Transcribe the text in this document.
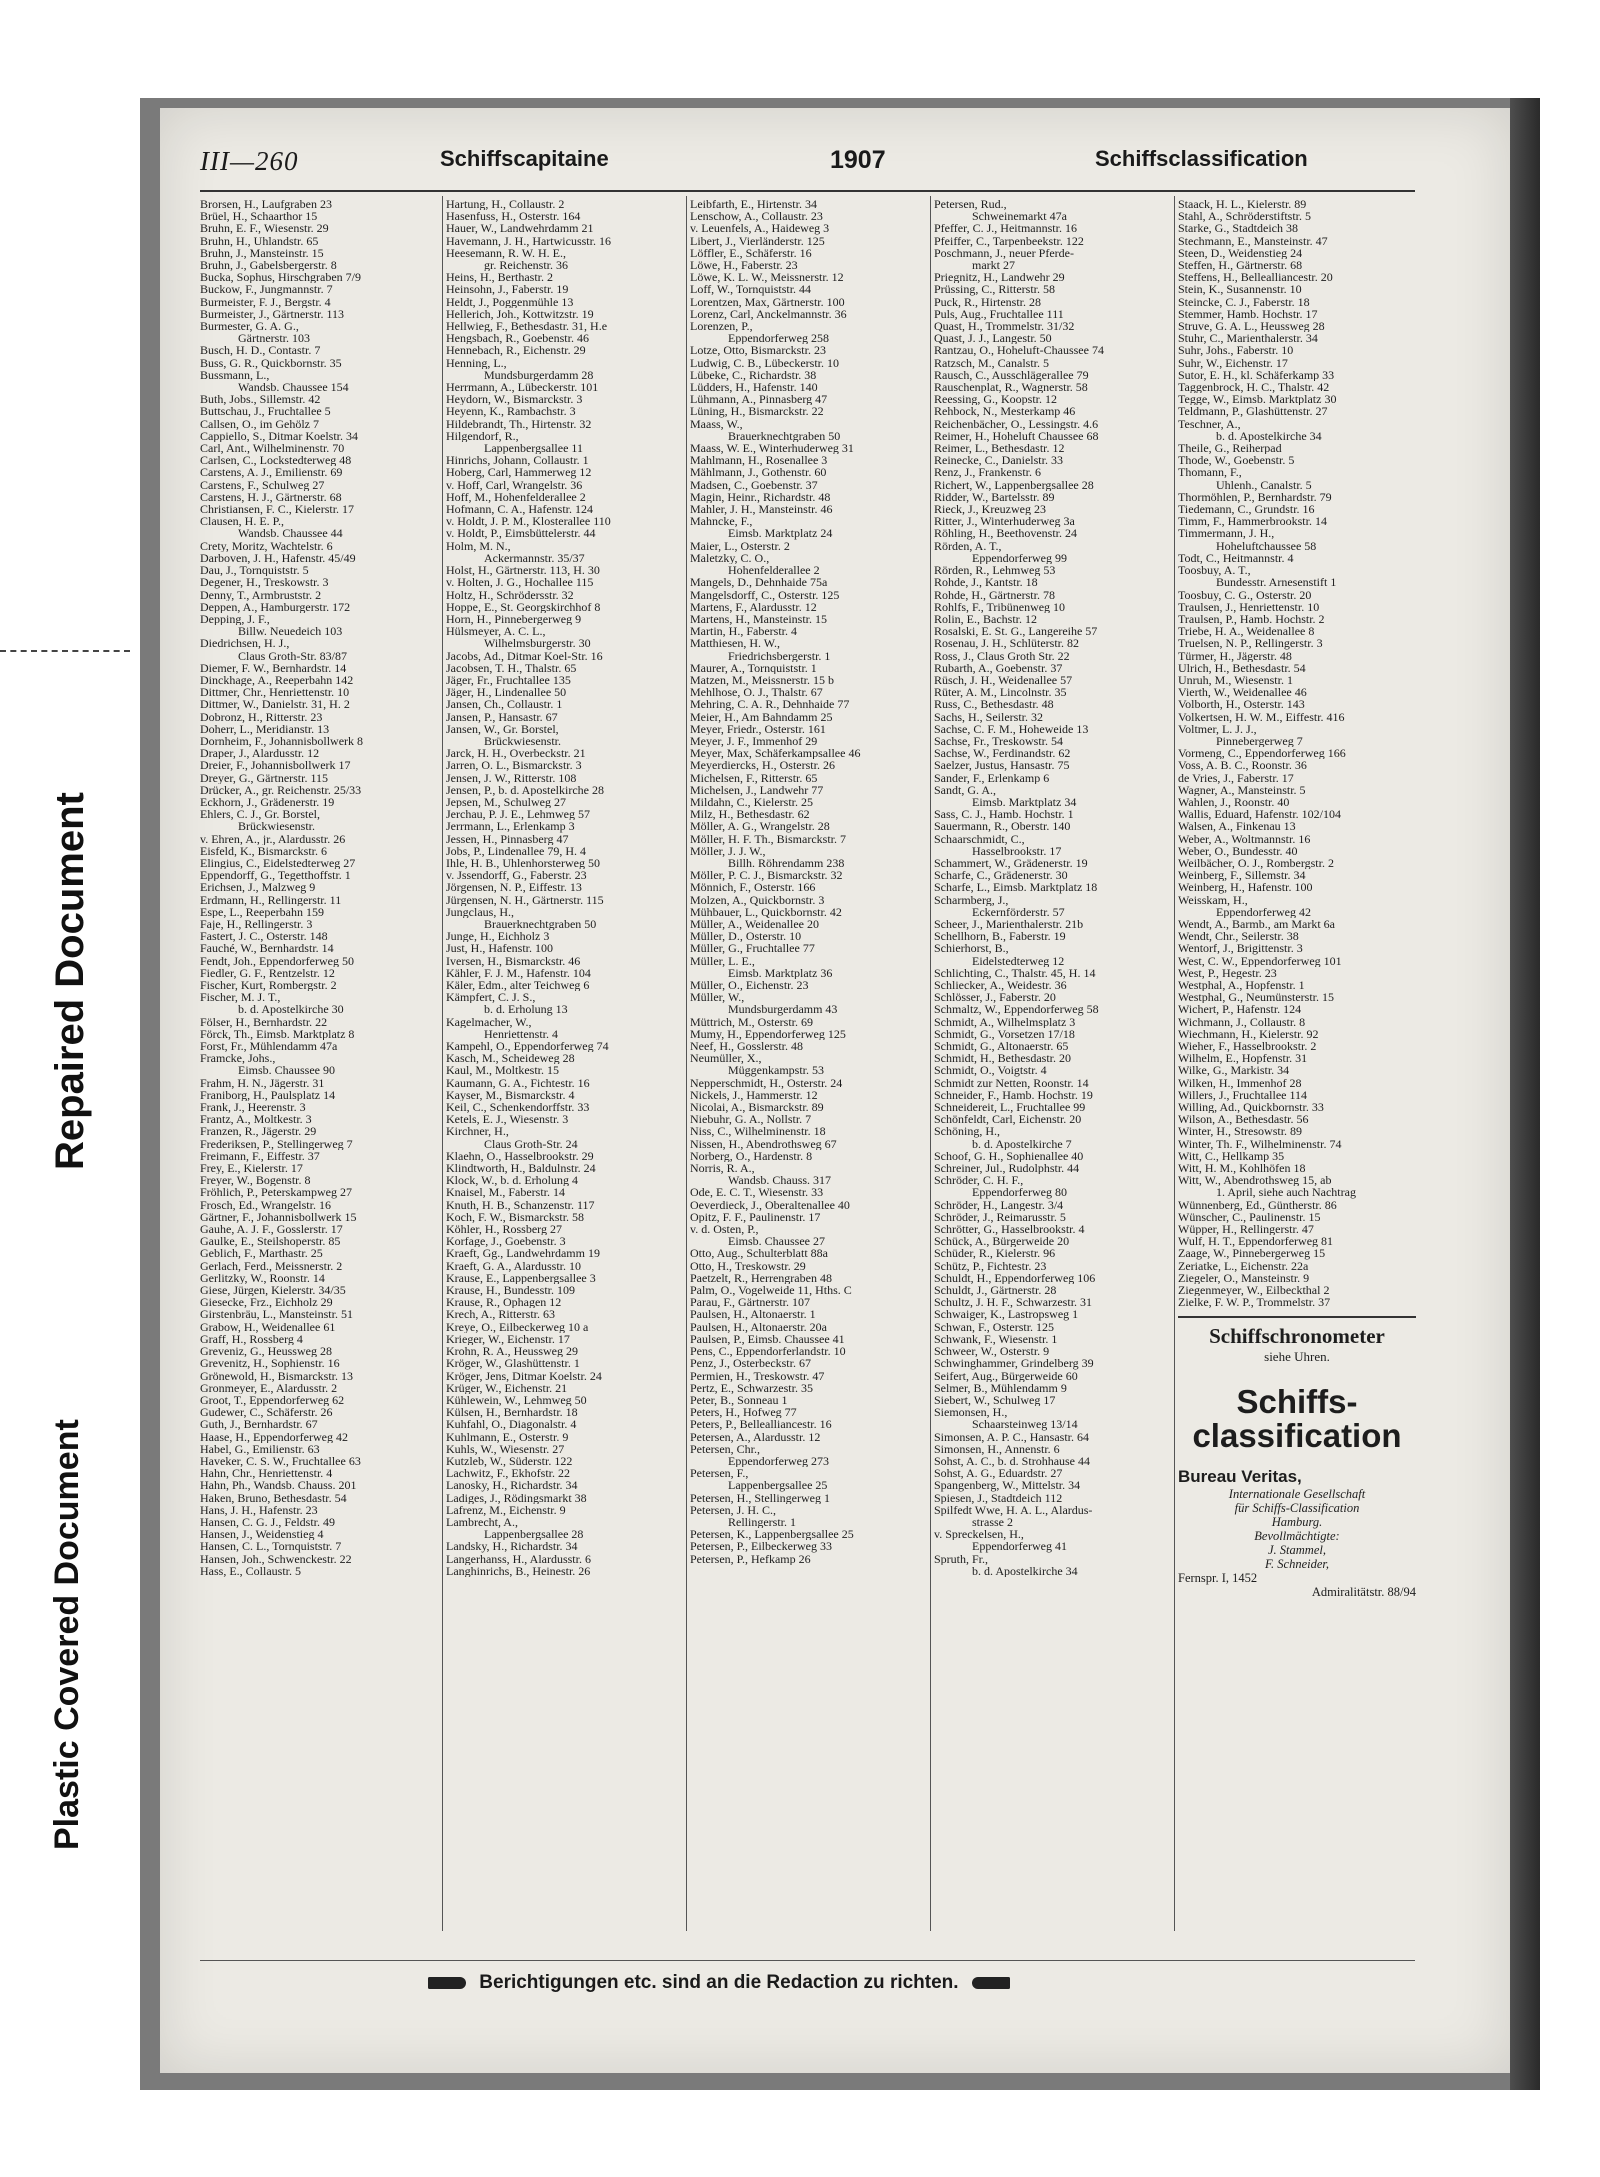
Repaired Document
Plastic Covered Document
III—260	Schiffscapitaine	1907	Schiffsclassification
Brorsen, H., Laufgraben 23
Brüel, H., Schaarthor 15
Bruhn, E. F., Wiesenstr. 29
Bruhn, H., Uhlandstr. 65
Bruhn, J., Mansteinstr. 15
Bruhn, J., Gabelsbergerstr. 8
Bucka, Sophus, Hirschgraben 7/9
Buckow, F., Jungmannstr. 7
Burmeister, F. J., Bergstr. 4
Burmeister, J., Gärtnerstr. 113
Burmester, G. A. G.,
Gärtnerstr. 103
Busch, H. D., Contastr. 7
Buss, G. R., Quickbornstr. 35
Bussmann, L.,
Wandsb. Chaussee 154
Buth, Jobs., Sillemstr. 42
Buttschau, J., Fruchtallee 5
Callsen, O., im Gehölz 7
Cappiello, S., Ditmar Koelstr. 34
Carl, Ant., Wilhelminenstr. 70
Carlsen, C., Lockstedterweg 48
Carstens, A. J., Emilienstr. 69
Carstens, F., Schulweg 27
Carstens, H. J., Gärtnerstr. 68
Christiansen, F. C., Kielerstr. 17
Clausen, H. E. P.,
Wandsb. Chaussee 44
Crety, Moritz, Wachtelstr. 6
Darboven, J. H., Hafenstr. 45/49
Dau, J., Tornquiststr. 5
Degener, H., Treskowstr. 3
Denny, T., Armbruststr. 2
Deppen, A., Hamburgerstr. 172
Depping, J. F.,
Billw. Neuedeich 103
Diedrichsen, H. J.,
Claus Groth-Str. 83/87
Diemer, F. W., Bernhardstr. 14
Dinckhage, A., Reeperbahn 142
Dittmer, Chr., Henriettenstr. 10
Dittmer, W., Danielstr. 31, H. 2
Dobronz, H., Ritterstr. 23
Doherr, L., Meridianstr. 13
Dornheim, F., Johannisbollwerk 8
Draper, J., Alardusstr. 12
Dreier, F., Johannisbollwerk 17
Dreyer, G., Gärtnerstr. 115
Drücker, A., gr. Reichenstr. 25/33
Eckhorn, J., Grädenerstr. 19
Ehlers, C. J., Gr. Borstel,
Brückwiesenstr.
v. Ehren, A., jr., Alardusstr. 26
Eisfeld, K., Bismarckstr. 6
Elingius, C., Eidelstedterweg 27
Eppendorff, G., Tegetthoffstr. 1
Erichsen, J., Malzweg 9
Erdmann, H., Rellingerstr. 11
Espe, L., Reeperbahn 159
Faje, H., Rellingerstr. 3
Fastert, J. C., Osterstr. 148
Fauché, W., Bernhardstr. 14
Fendt, Joh., Eppendorferweg 50
Fiedler, G. F., Rentzelstr. 12
Fischer, Kurt, Rombergstr. 2
Fischer, M. J. T.,
b. d. Apostelkirche 30
Fölser, H., Bernhardstr. 22
Förck, Th., Eimsb. Marktplatz 8
Forst, Fr., Mühlendamm 47a
Framcke, Johs.,
Eimsb. Chaussee 90
Frahm, H. N., Jägerstr. 31
Franiborg, H., Paulsplatz 14
Frank, J., Heerenstr. 3
Frantz, A., Moltkestr. 3
Franzen, R., Jägerstr. 29
Frederiksen, P., Stellingerweg 7
Freimann, F., Eiffestr. 37
Frey, E., Kielerstr. 17
Freyer, W., Bogenstr. 8
Fröhlich, P., Peterskampweg 27
Frosch, Ed., Wrangelstr. 16
Gärtner, F., Johannisbollwerk 15
Gauhe, A. J. F., Gosslerstr. 17
Gaulke, E., Steilshoperstr. 85
Geblich, F., Marthastr. 25
Gerlach, Ferd., Meissnerstr. 2
Gerlitzky, W., Roonstr. 14
Giese, Jürgen, Kielerstr. 34/35
Giesecke, Frz., Eichholz 29
Girstenbräu, L., Mansteinstr. 51
Grabow, H., Weidenallee 61
Graff, H., Rossberg 4
Greveniz, G., Heussweg 28
Grevenitz, H., Sophienstr. 16
Grönewold, H., Bismarckstr. 13
Gronmeyer, E., Alardusstr. 2
Groot, T., Eppendorferweg 62
Gudewer, C., Schäferstr. 26
Guth, J., Bernhardstr. 67
Haase, H., Eppendorferweg 42
Habel, G., Emilienstr. 63
Haveker, C. S. W., Fruchtallee 63
Hahn, Chr., Henriettenstr. 4
Hahn, Ph., Wandsb. Chauss. 201
Haken, Bruno, Bethesdastr. 54
Hans, J. H., Hafenstr. 23
Hansen, C. G. J., Feldstr. 49
Hansen, J., Weidenstieg 4
Hansen, C. L., Tornquiststr. 7
Hansen, Joh., Schwenckestr. 22
Hass, E., Collaustr. 5
Hartung, H., Collaustr. 2
Hasenfuss, H., Osterstr. 164
Hauer, W., Landwehrdamm 21
Havemann, J. H., Hartwicusstr. 16
Heesemann, R. W. H. E.,
gr. Reichenstr. 36
Heins, H., Berthastr. 2
Heinsohn, J., Faberstr. 19
Heldt, J., Poggenmühle 13
Hellerich, Joh., Kottwitzstr. 19
Hellwieg, F., Bethesdastr. 31, H.e
Hengsbach, R., Goebenstr. 46
Hennebach, R., Eichenstr. 29
Henning, L.,
Mundsburgerdamm 28
Herrmann, A., Lübeckerstr. 101
Heydorn, W., Bismarckstr. 3
Heyenn, K., Rambachstr. 3
Hildebrandt, Th., Hirtenstr. 32
Hilgendorf, R.,
Lappenbergsallee 11
Hinrichs, Johann, Collaustr. 1
Hoberg, Carl, Hammerweg 12
v. Hoff, Carl, Wrangelstr. 36
Hoff, M., Hohenfelderallee 2
Hofmann, C. A., Hafenstr. 124
v. Holdt, J. P. M., Klosterallee 110
v. Holdt, P., Eimsbüttelerstr. 44
Holm, M. N.,
Ackermannstr. 35/37
Holst, H., Gärtnerstr. 113, H. 30
v. Holten, J. G., Hochallee 115
Holtz, H., Schrödersstr. 32
Hoppe, E., St. Georgskirchhof 8
Horn, H., Pinnebergerweg 9
Hülsmeyer, A. C. L.,
Wilhelmsburgerstr. 30
Jacobs, Ad., Ditmar Koel-Str. 16
Jacobsen, T. H., Thalstr. 65
Jäger, Fr., Fruchtallee 135
Jäger, H., Lindenallee 50
Jansen, Ch., Collaustr. 1
Jansen, P., Hansastr. 67
Jansen, W., Gr. Borstel,
Brückwiesenstr.
Jarck, H. H., Overbeckstr. 21
Jarren, O. L., Bismarckstr. 3
Jensen, J. W., Ritterstr. 108
Jensen, P., b. d. Apostelkirche 28
Jepsen, M., Schulweg 27
Jerchau, P. J. E., Lehmweg 57
Jerrmann, L., Erlenkamp 3
Jessen, H., Pinnasberg 47
Jobs, P., Lindenallee 79, H. 4
Ihle, H. B., Uhlenhorsterweg 50
v. Jssendorff, G., Faberstr. 23
Jörgensen, N. P., Eiffestr. 13
Jürgensen, N. H., Gärtnerstr. 115
Jungclaus, H.,
Brauerknechtgraben 50
Junge, H., Eichholz 3
Just, H., Hafenstr. 100
Iversen, H., Bismarckstr. 46
Kähler, F. J. M., Hafenstr. 104
Käler, Edm., alter Teichweg 6
Kämpfert, C. J. S.,
b. d. Erholung 13
Kagelmacher, W.,
Henriettenstr. 4
Kampehl, O., Eppendorferweg 74
Kasch, M., Scheideweg 28
Kaul, M., Moltkestr. 15
Kaumann, G. A., Fichtestr. 16
Kayser, M., Bismarckstr. 4
Keil, C., Schenkendorffstr. 33
Ketels, E. J., Wiesenstr. 3
Kirchner, H.,
Claus Groth-Str. 24
Klaehn, O., Hasselbrookstr. 29
Klindtworth, H., Baldulnstr. 24
Klock, W., b. d. Erholung 4
Knaisel, M., Faberstr. 14
Knuth, H. B., Schanzenstr. 117
Koch, F. W., Bismarckstr. 58
Köhler, H., Rossberg 27
Korfage, J., Goebenstr. 3
Kraeft, Gg., Landwehrdamm 19
Kraeft, G. A., Alardusstr. 10
Krause, E., Lappenbergsallee 3
Krause, H., Bundesstr. 109
Krause, R., Ophagen 12
Krech, A., Ritterstr. 63
Kreye, O., Eilbeckerweg 10 a
Krieger, W., Eichenstr. 17
Krohn, R. A., Heussweg 29
Kröger, W., Glashüttenstr. 1
Kröger, Jens, Ditmar Koelstr. 24
Krüger, W., Eichenstr. 21
Kühlewein, W., Lehmweg 50
Külsen, H., Bernhardstr. 18
Kuhfahl, O., Diagonalstr. 4
Kuhlmann, E., Osterstr. 9
Kuhls, W., Wiesenstr. 27
Kutzleb, W., Süderstr. 122
Lachwitz, F., Ekhofstr. 22
Lanosky, H., Richardstr. 34
Ladiges, J., Rödingsmarkt 38
Lafrenz, M., Eichenstr. 9
Lambrecht, A.,
Lappenbergsallee 28
Landsky, H., Richardstr. 34
Langerhanss, H., Alardusstr. 6
Langhinrichs, B., Heinestr. 26
Leibfarth, E., Hirtenstr. 34
Lenschow, A., Collaustr. 23
v. Leuenfels, A., Haideweg 3
Libert, J., Vierländerstr. 125
Löffler, E., Schäferstr. 16
Löwe, H., Faberstr. 23
Löwe, K. L. W., Meissnerstr. 12
Loff, W., Tornquiststr. 44
Lorentzen, Max, Gärtnerstr. 100
Lorenz, Carl, Anckelmannstr. 36
Lorenzen, P.,
Eppendorferweg 258
Lotze, Otto, Bismarckstr. 23
Ludwig, C. B., Lübeckerstr. 10
Lübeke, C., Richardstr. 38
Lüdders, H., Hafenstr. 140
Lühmann, A., Pinnasberg 47
Lüning, H., Bismarckstr. 22
Maass, W.,
Brauerknechtgraben 50
Maass, W. E., Winterhuderweg 31
Mahlmann, H., Rosenallee 3
Mählmann, J., Gothenstr. 60
Madsen, C., Goebenstr. 37
Magin, Heinr., Richardstr. 48
Mahler, J. H., Mansteinstr. 46
Mahncke, F.,
Eimsb. Marktplatz 24
Maier, L., Osterstr. 2
Maletzky, C. O.,
Hohenfelderallee 2
Mangels, D., Dehnhaide 75a
Mangelsdorff, C., Osterstr. 125
Martens, F., Alardusstr. 12
Martens, H., Mansteinstr. 15
Martin, H., Faberstr. 4
Matthiesen, H. W.,
Friedrichsbergerstr. 1
Maurer, A., Tornquiststr. 1
Matzen, M., Meissnerstr. 15 b
Mehlhose, O. J., Thalstr. 67
Mehring, C. A. R., Dehnhaide 77
Meier, H., Am Bahndamm 25
Meyer, Friedr., Osterstr. 161
Meyer, J. F., Immenhof 29
Meyer, Max, Schäferkampsallee 46
Meyerdiercks, H., Osterstr. 26
Michelsen, F., Ritterstr. 65
Michelsen, J., Landwehr 77
Mildahn, C., Kielerstr. 25
Milz, H., Bethesdastr. 62
Möller, A. G., Wrangelstr. 28
Möller, H. F. Th., Bismarckstr. 7
Möller, J. J. W.,
Billh. Röhrendamm 238
Möller, P. C. J., Bismarckstr. 32
Mönnich, F., Osterstr. 166
Molzen, A., Quickbornstr. 3
Mühbauer, L., Quickbornstr. 42
Müller, A., Weidenallee 20
Müller, D., Osterstr. 10
Müller, G., Fruchtallee 77
Müller, L. E.,
Eimsb. Marktplatz 36
Müller, O., Eichenstr. 23
Müller, W.,
Mundsburgerdamm 43
Müttrich, M., Osterstr. 69
Mumy, H., Eppendorferweg 125
Neef, H., Gosslerstr. 48
Neumüller, X.,
Müggenkampstr. 53
Nepperschmidt, H., Osterstr. 24
Nickels, J., Hammerstr. 12
Nicolai, A., Bismarckstr. 89
Niebuhr, G. A., Nollstr. 7
Niss, C., Wilhelminenstr. 18
Nissen, H., Abendrothsweg 67
Norberg, O., Hardenstr. 8
Norris, R. A.,
Wandsb. Chauss. 317
Ode, E. C. T., Wiesenstr. 33
Oeverdieck, J., Oberaltenallee 40
Opitz, F. F., Paulinenstr. 17
v. d. Osten, P.,
Eimsb. Chaussee 27
Otto, Aug., Schulterblatt 88a
Otto, H., Treskowstr. 29
Paetzelt, R., Herrengraben 48
Palm, O., Vogelweide 11, Hths. C
Parau, F., Gärtnerstr. 107
Paulsen, H., Altonaerstr. 1
Paulsen, H., Altonaerstr. 20a
Paulsen, P., Eimsb. Chaussee 41
Pens, C., Eppendorferlandstr. 10
Penz, J., Osterbeckstr. 67
Permien, H., Treskowstr. 47
Pertz, E., Schwarzestr. 35
Peter, B., Sonneau 1
Peters, H., Hofweg 77
Peters, P., Bellealliancestr. 16
Petersen, A., Alardusstr. 12
Petersen, Chr.,
Eppendorferweg 273
Petersen, F.,
Lappenbergsallee 25
Petersen, H., Stellingerweg 1
Petersen, J. H. C.,
Rellingerstr. 1
Petersen, K., Lappenbergsallee 25
Petersen, P., Eilbeckerweg 33
Petersen, P., Hefkamp 26
Petersen, Rud.,
Schweinemarkt 47a
Pfeffer, C. J., Heitmannstr. 16
Pfeiffer, C., Tarpenbeekstr. 122
Poschmann, J., neuer Pferde-
markt 27
Priegnitz, H., Landwehr 29
Prüssing, C., Ritterstr. 58
Puck, R., Hirtenstr. 28
Puls, Aug., Fruchtallee 111
Quast, H., Trommelstr. 31/32
Quast, J. J., Langestr. 50
Rantzau, O., Hoheluft-Chaussee 74
Ratzsch, M., Canalstr. 5
Rausch, C., Ausschlägerallee 79
Rauschenplat, R., Wagnerstr. 58
Reessing, G., Koopstr. 12
Rehbock, N., Mesterkamp 46
Reichenbächer, O., Lessingstr. 4.6
Reimer, H., Hoheluft Chaussee 68
Reimer, L., Bethesdastr. 12
Reinecke, C., Danielstr. 33
Renz, J., Frankenstr. 6
Richert, W., Lappenbergsallee 28
Ridder, W., Bartelsstr. 89
Rieck, J., Kreuzweg 23
Ritter, J., Winterhuderweg 3a
Röhling, H., Beethovenstr. 24
Rörden, A. T.,
Eppendorferweg 99
Rörden, R., Lehmweg 53
Rohde, J., Kantstr. 18
Rohde, H., Gärtnerstr. 78
Rohlfs, F., Tribünenweg 10
Rolin, E., Bachstr. 12
Rosalski, E. St. G., Langereihe 57
Rosenau, J. H., Schlüterstr. 82
Ross, J., Claus Groth Str. 22
Rubarth, A., Goebenstr. 37
Rüsch, J. H., Weidenallee 57
Rüter, A. M., Lincolnstr. 35
Russ, C., Bethesdastr. 48
Sachs, H., Seilerstr. 32
Sachse, C. F. M., Hoheweide 13
Sachse, Fr., Treskowstr. 54
Sachse, W., Ferdinandstr. 62
Saelzer, Justus, Hansastr. 75
Sander, F., Erlenkamp 6
Sandt, G. A.,
Eimsb. Marktplatz 34
Sass, C. J., Hamb. Hochstr. 1
Sauermann, R., Oberstr. 140
Schaarschmidt, C.,
Hasselbrookstr. 17
Schammert, W., Grädenerstr. 19
Scharfe, C., Grädenerstr. 30
Scharfe, L., Eimsb. Marktplatz 18
Scharmberg, J.,
Eckernförderstr. 57
Scheer, J., Marienthalerstr. 21b
Schellhorn, B., Faberstr. 19
Schierhorst, B.,
Eidelstedterweg 12
Schlichting, C., Thalstr. 45, H. 14
Schliecker, A., Weidestr. 36
Schlösser, J., Faberstr. 20
Schmaltz, W., Eppendorferweg 58
Schmidt, A., Wilhelmsplatz 3
Schmidt, G., Vorsetzen 17/18
Schmidt, G., Altonaerstr. 65
Schmidt, H., Bethesdastr. 20
Schmidt, O., Voigtstr. 4
Schmidt zur Netten, Roonstr. 14
Schneider, F., Hamb. Hochstr. 19
Schneidereit, L., Fruchtallee 99
Schönfeldt, Carl, Eichenstr. 20
Schöning, H.,
b. d. Apostelkirche 7
Schoof, G. H., Sophienallee 40
Schreiner, Jul., Rudolphstr. 44
Schröder, C. H. F.,
Eppendorferweg 80
Schröder, H., Langestr. 3/4
Schröder, J., Reimarusstr. 5
Schrötter, G., Hasselbrookstr. 4
Schück, A., Bürgerweide 20
Schüder, R., Kielerstr. 96
Schütz, P., Fichtestr. 23
Schuldt, H., Eppendorferweg 106
Schuldt, J., Gärtnerstr. 28
Schultz, J. H. F., Schwarzestr. 31
Schwaiger, K., Lastropsweg 1
Schwan, F., Osterstr. 125
Schwank, F., Wiesenstr. 1
Schweer, W., Osterstr. 9
Schwinghammer, Grindelberg 39
Seifert, Aug., Bürgerweide 60
Selmer, B., Mühlendamm 9
Siebert, W., Schulweg 17
Siemonsen, H.,
Schaarsteinweg 13/14
Simonsen, A. P. C., Hansastr. 64
Simonsen, H., Annenstr. 6
Sohst, A. C., b. d. Strohhause 44
Sohst, A. G., Eduardstr. 27
Spangenberg, W., Mittelstr. 34
Spiesen, J., Stadtdeich 112
Spilfedt Wwe, H. A. L., Alardus-
strasse 2
v. Spreckelsen, H.,
Eppendorferweg 41
Spruth, Fr.,
b. d. Apostelkirche 34
Staack, H. L., Kielerstr. 89
Stahl, A., Schröderstiftstr. 5
Starke, G., Stadtdeich 38
Stechmann, E., Mansteinstr. 47
Steen, D., Weidenstieg 24
Steffen, H., Gärtnerstr. 68
Steffens, H., Bellealliancestr. 20
Stein, K., Susannenstr. 10
Steincke, C. J., Faberstr. 18
Stemmer, Hamb. Hochstr. 17
Struve, G. A. L., Heussweg 28
Stuhr, C., Marienthalerstr. 34
Suhr, Johs., Faberstr. 10
Suhr, W., Eichenstr. 17
Sutor, E. H., kl. Schäferkamp 33
Taggenbrock, H. C., Thalstr. 42
Tegge, W., Eimsb. Marktplatz 30
Teldmann, P., Glashüttenstr. 27
Teschner, A.,
b. d. Apostelkirche 34
Theile, G., Reiherpad
Thode, W., Goebenstr. 5
Thomann, F.,
Uhlenh., Canalstr. 5
Thormöhlen, P., Bernhardstr. 79
Tiedemann, C., Grundstr. 16
Timm, F., Hammerbrookstr. 14
Timmermann, J. H.,
Hoheluftchaussee 58
Todt, C., Heitmannstr. 4
Toosbuy, A. T.,
Bundesstr. Arnesenstift 1
Toosbuy, C. G., Osterstr. 20
Traulsen, J., Henriettenstr. 10
Traulsen, P., Hamb. Hochstr. 2
Triebe, H. A., Weidenallee 8
Truelsen, N. P., Rellingerstr. 3
Türmer, H., Jägerstr. 48
Ulrich, H., Bethesdastr. 54
Unruh, M., Wiesenstr. 1
Vierth, W., Weidenallee 46
Volborth, H., Osterstr. 143
Volkertsen, H. W. M., Eiffestr. 416
Voltmer, L. J. J.,
Pinnebergerweg 7
Vormeng, C., Eppendorferweg 166
Voss, A. B. C., Roonstr. 36
de Vries, J., Faberstr. 17
Wagner, A., Mansteinstr. 5
Wahlen, J., Roonstr. 40
Wallis, Eduard, Hafenstr. 102/104
Walsen, A., Finkenau 13
Weber, A., Woltmannstr. 16
Weber, O., Bundesstr. 40
Weilbächer, O. J., Rombergstr. 2
Weinberg, F., Sillemstr. 34
Weinberg, H., Hafenstr. 100
Weisskam, H.,
Eppendorferweg 42
Wendt, A., Barmb., am Markt 6a
Wendt, Chr., Seilerstr. 38
Wentorf, J., Brigittenstr. 3
West, C. W., Eppendorferweg 101
West, P., Hegestr. 23
Westphal, A., Hopfenstr. 1
Westphal, G., Neumünsterstr. 15
Wichert, P., Hafenstr. 124
Wichmann, J., Collaustr. 8
Wiechmann, H., Kielerstr. 92
Wieher, F., Hasselbrookstr. 2
Wilhelm, E., Hopfenstr. 31
Wilke, G., Markistr. 34
Wilken, H., Immenhof 28
Willers, J., Fruchtallee 114
Willing, Ad., Quickbornstr. 33
Wilson, A., Bethesdastr. 56
Winter, H., Stresowstr. 89
Winter, Th. F., Wilhelminenstr. 74
Witt, C., Hellkamp 35
Witt, H. M., Kohlhöfen 18
Witt, W., Abendrothsweg 15, ab
1. April, siehe auch Nachtrag
Wünnenberg, Ed., Güntherstr. 86
Wünscher, C., Paulinenstr. 15
Wüpper, H., Rellingerstr. 47
Wulf, H. T., Eppendorferweg 81
Zaage, W., Pinnebergerweg 15
Zeriatke, L., Eichenstr. 22a
Ziegeler, O., Mansteinstr. 9
Ziegenmeyer, W., Eilbeckthal 2
Zielke, F. W. P., Trommelstr. 37
Schiffschronometer
siehe Uhren.
Schiffs-
classification
Bureau Veritas,
Internationale Gesellschaft
für Schiffs-Classification
Hamburg.
Bevollmächtigte:
J. Stammel,
F. Schneider,
Fernspr. I, 1452
Admiralitätstr. 88/94
Berichtigungen etc. sind an die Redaction zu richten.
